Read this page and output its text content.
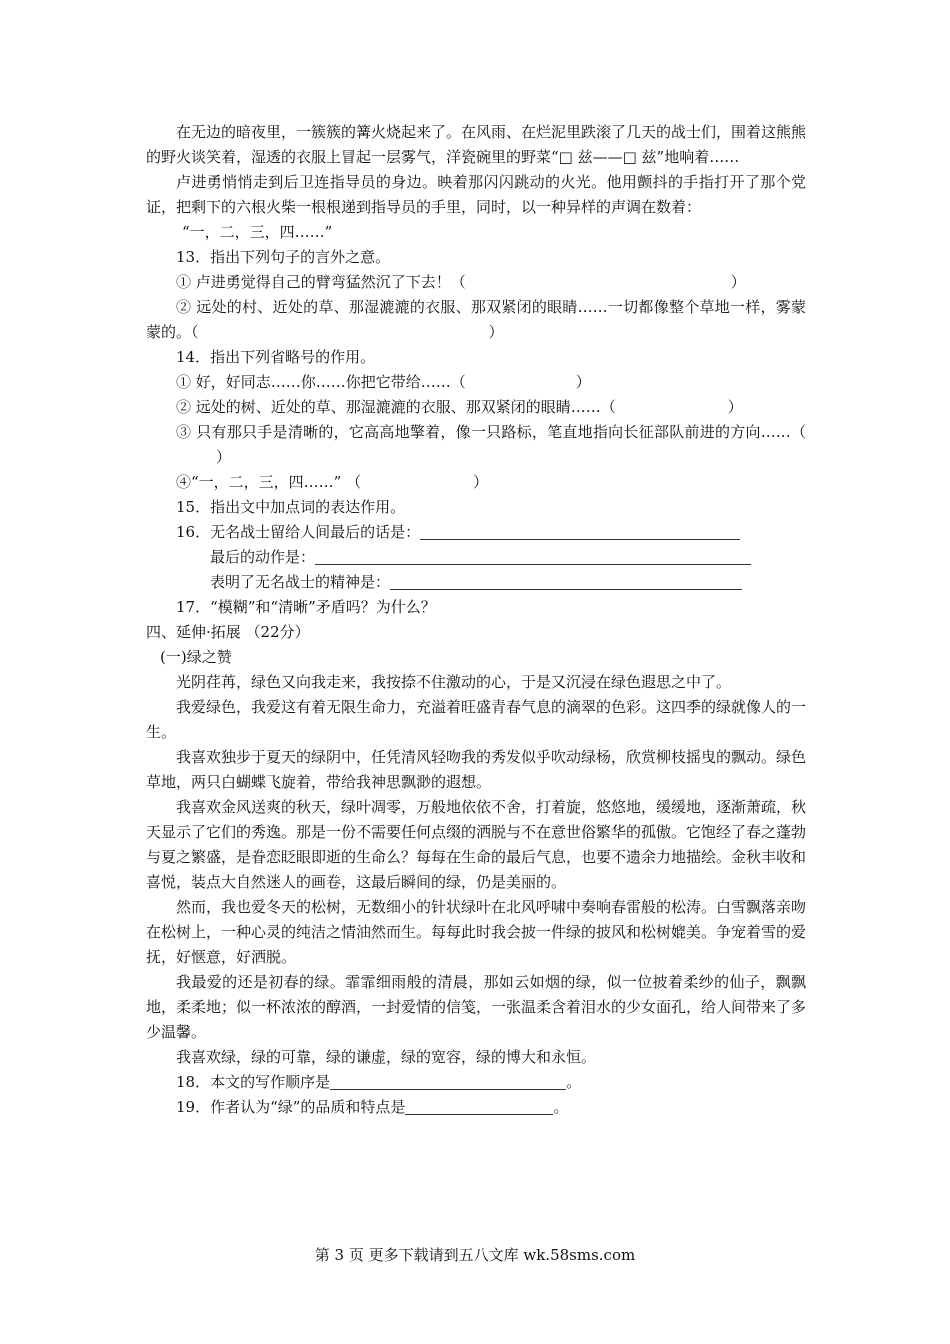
在无边的暗夜里，一簇簇的篝火烧起来了。在风雨、在烂泥里跌滚了几天的战士们，围着这熊熊的野火谈笑着，湿透的衣服上冒起一层雾气，洋瓷碗里的野菜“□ 兹——□ 兹”地响着……

卢进勇悄悄走到后卫连指导员的身边。映着那闪闪跳动的火光。他用颤抖的手指打开了那个党证，把剩下的六根火柴一根根递到指导员的手里，同时，以一种异样的声调在数着：

“一，二，三，四……”

13．指出下列句子的言外之意。

① 卢进勇觉得自己的臂弯猛然沉了下去！（	）

② 远处的村、近处的草、那湿漉漉的衣服、那双紧闭的眼睛……一切都像整个草地一样，雾蒙蒙的。（	）

14．指出下列省略号的作用。

① 好，好同志……你……你把它带给……（	）

② 远处的树、近处的草、那湿漉漉的衣服、那双紧闭的眼睛……（	）

③ 只有那只手是清晰的，它高高地擎着，像一只路标，笔直地指向长征部队前进的方向……（）

④“一，二，三，四……” （	）

15．指出文中加点词的表达作用。

16．无名战士留给人间最后的话是：

最后的动作是：

表明了无名战士的精神是：

17．“模糊”和“清晰”矛盾吗？为什么？

四、延伸·拓展 （22分）

(一)绿之赞

光阴荏苒，绿色又向我走来，我按捺不住激动的心，于是又沉浸在绿色遐思之中了。

我爱绿色，我爱这有着无限生命力，充溢着旺盛青春气息的滴翠的色彩。这四季的绿就像人的一生。

我喜欢独步于夏天的绿阴中，任凭清风轻吻我的秀发似乎吹动绿杨，欣赏柳枝摇曳的飘动。绿色草地，两只白蝴蝶飞旋着，带给我神思飘渺的遐想。

我喜欢金风送爽的秋天，绿叶凋零，万般地依依不舍，打着旋，悠悠地，缓缓地，逐渐萧疏，秋天显示了它们的秀逸。那是一份不需要任何点缀的洒脱与不在意世俗繁华的孤傲。它饱经了春之蓬勃与夏之繁盛，是眷恋眨眼即逝的生命么？每每在生命的最后气息，也要不遗余力地描绘。金秋丰收和喜悦，装点大自然迷人的画卷，这最后瞬间的绿，仍是美丽的。

然而，我也爱冬天的松树，无数细小的针状绿叶在北风呼啸中奏响春雷般的松涛。白雪飘落亲吻在松树上，一种心灵的纯洁之情油然而生。每每此时我会披一件绿的披风和松树媲美。争宠着雪的爱抚，好惬意，好洒脱。

我最爱的还是初春的绿。霏霏细雨般的清晨，那如云如烟的绿，似一位披着柔纱的仙子，飘飘地，柔柔地；似一杯浓浓的醇酒，一封爱情的信笺，一张温柔含着泪水的少女面孔，给人间带来了多少温馨。

我喜欢绿，绿的可靠，绿的谦虚，绿的宽容，绿的博大和永恒。

18．本文的写作顺序是	。

19．作者认为“绿”的品质和特点是	。

第 3 页 更多下载请到五八文库 wk.58sms.com
